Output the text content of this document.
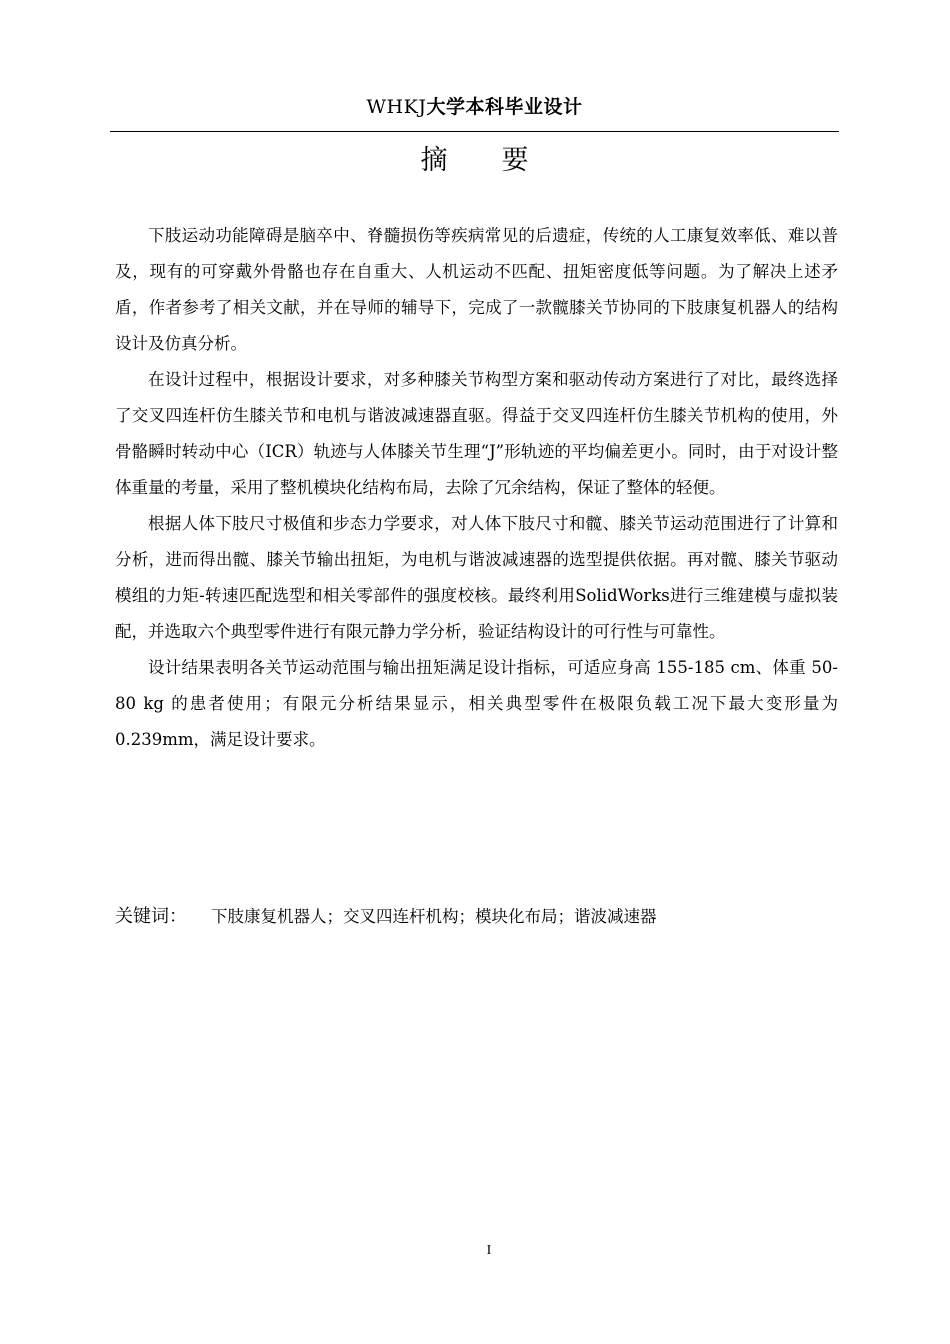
WHKJ大学本科毕业设计
摘 要

下肢运动功能障碍是脑卒中、脊髓损伤等疾病常见的后遗症，传统的人工康复效率低、难以普及，现有的可穿戴外骨骼也存在自重大、人机运动不匹配、扭矩密度低等问题。为了解决上述矛盾，作者参考了相关文献，并在导师的辅导下，完成了一款髋膝关节协同的下肢康复机器人的结构设计及仿真分析。

在设计过程中，根据设计要求，对多种膝关节构型方案和驱动传动方案进行了对比，最终选择了交叉四连杆仿生膝关节和电机与谐波减速器直驱。得益于交叉四连杆仿生膝关节机构的使用，外骨骼瞬时转动中心（ICR）轨迹与人体膝关节生理“J”形轨迹的平均偏差更小。同时，由于对设计整体重量的考量，采用了整机模块化结构布局，去除了冗余结构，保证了整体的轻便。

根据人体下肢尺寸极值和步态力学要求，对人体下肢尺寸和髋、膝关节运动范围进行了计算和分析，进而得出髋、膝关节输出扭矩，为电机与谐波减速器的选型提供依据。再对髋、膝关节驱动模组的力矩-转速匹配选型和相关零部件的强度校核。最终利用SolidWorks进行三维建模与虚拟装配，并选取六个典型零件进行有限元静力学分析，验证结构设计的可行性与可靠性。

设计结果表明各关节运动范围与输出扭矩满足设计指标，可适应身高 155-185 cm、体重 50-80 kg 的患者使用；有限元分析结果显示，相关典型零件在极限负载工况下最大变形量为 0.239mm，满足设计要求。

关键词： 下肢康复机器人；交叉四连杆机构；模块化布局；谐波减速器
I
